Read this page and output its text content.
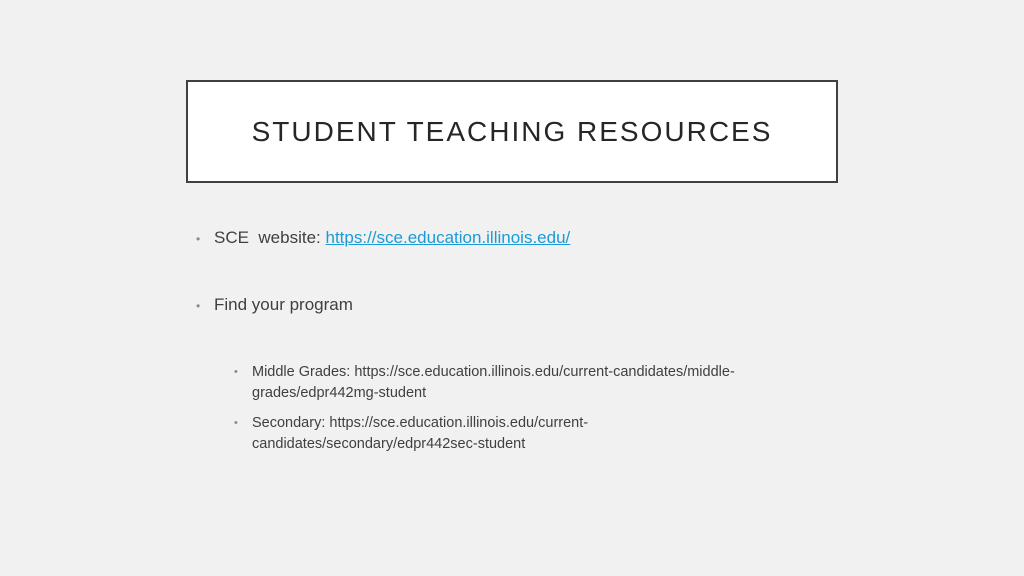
STUDENT TEACHING RESOURCES
• SCE  website: https://sce.education.illinois.edu/
• Find your program
• Middle Grades: https://sce.education.illinois.edu/current-candidates/middle-
grades/edpr442mg-student
• Secondary: https://sce.education.illinois.edu/current-
candidates/secondary/edpr442sec-student
